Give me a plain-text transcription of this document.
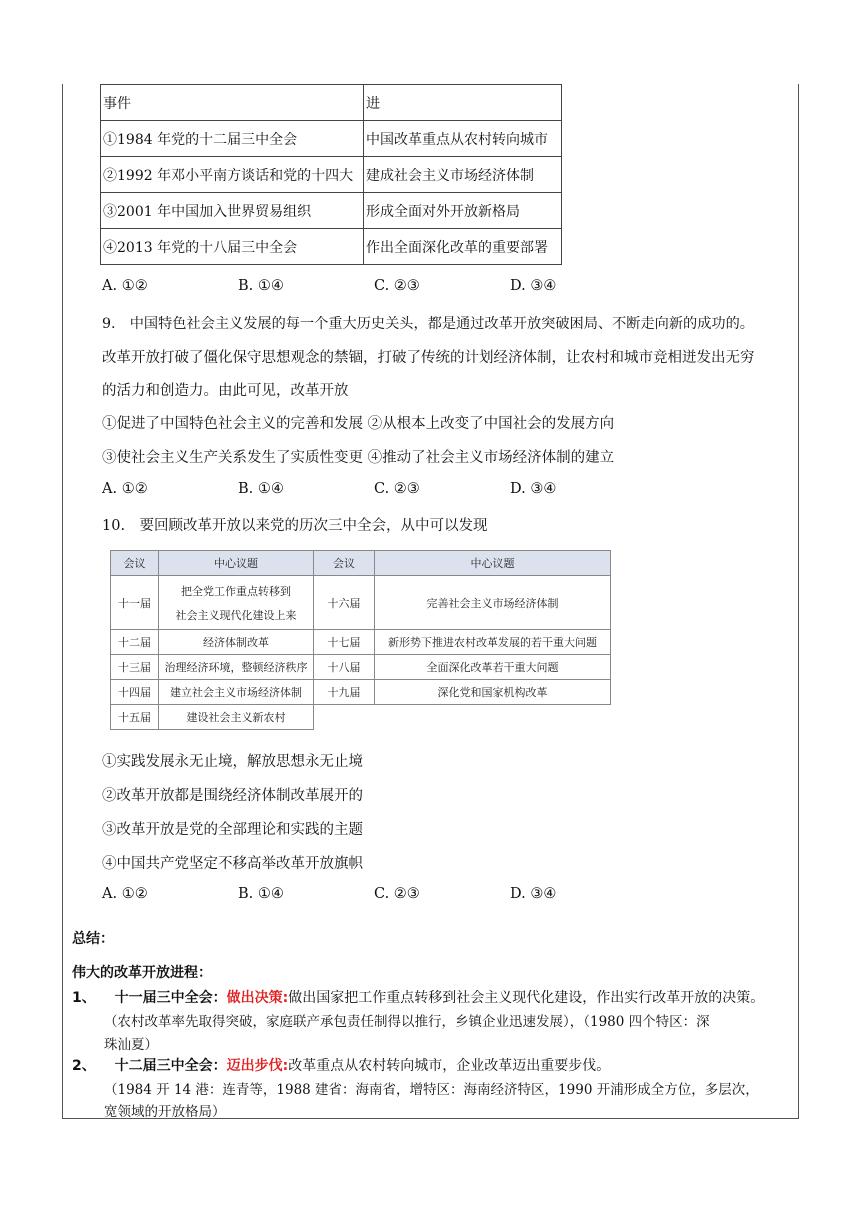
事件	进
①1984 年党的十二届三中全会	中国改革重点从农村转向城市
②1992 年邓小平南方谈话和党的十四大	建成社会主义市场经济体制
③2001 年中国加入世界贸易组织	形成全面对外开放新格局
④2013 年党的十八届三中全会	作出全面深化改革的重要部署
A. ①②	B. ①④	C. ②③	D. ③④
9.　中国特色社会主义发展的每一个重大历史关头，都是通过改革开放突破困局、不断走向新的成功的。
改革开放打破了僵化保守思想观念的禁锢，打破了传统的计划经济体制，让农村和城市竞相迸发出无穷
的活力和创造力。由此可见，改革开放
①促进了中国特色社会主义的完善和发展 ②从根本上改变了中国社会的发展方向
③使社会主义生产关系发生了实质性变更 ④推动了社会主义市场经济体制的建立
A. ①②	B. ①④	C. ②③	D. ③④
10.　要回顾改革开放以来党的历次三中全会，从中可以发现
会议	中心议题	会议	中心议题
十一届	把全党工作重点转移到
社会主义现代化建设上来	十六届	完善社会主义市场经济体制
十二届	经济体制改革	十七届	新形势下推进农村改革发展的若干重大问题
十三届	治理经济环境，整顿经济秩序	十八届	全面深化改革若干重大问题
十四届	建立社会主义市场经济体制	十九届	深化党和国家机构改革
十五届	建设社会主义新农村		
①实践发展永无止境，解放思想永无止境
②改革开放都是围绕经济体制改革展开的
③改革开放是党的全部理论和实践的主题
④中国共产党坚定不移高举改革开放旗帜
A. ①②	B. ①④	C. ②③	D. ③④
总结：
伟大的改革开放进程：
1、 十一届三中全会：做出决策:做出国家把工作重点转移到社会主义现代化建设，作出实行改革开放的决策。
（农村改革率先取得突破，家庭联产承包责任制得以推行，乡镇企业迅速发展），（1980 四个特区：深
珠汕夏）
2、 十二届三中全会：迈出步伐:改革重点从农村转向城市，企业改革迈出重要步伐。
（1984 开 14 港：连青等，1988 建省：海南省，增特区：海南经济特区，1990 开浦形成全方位，多层次，
宽领域的开放格局）
